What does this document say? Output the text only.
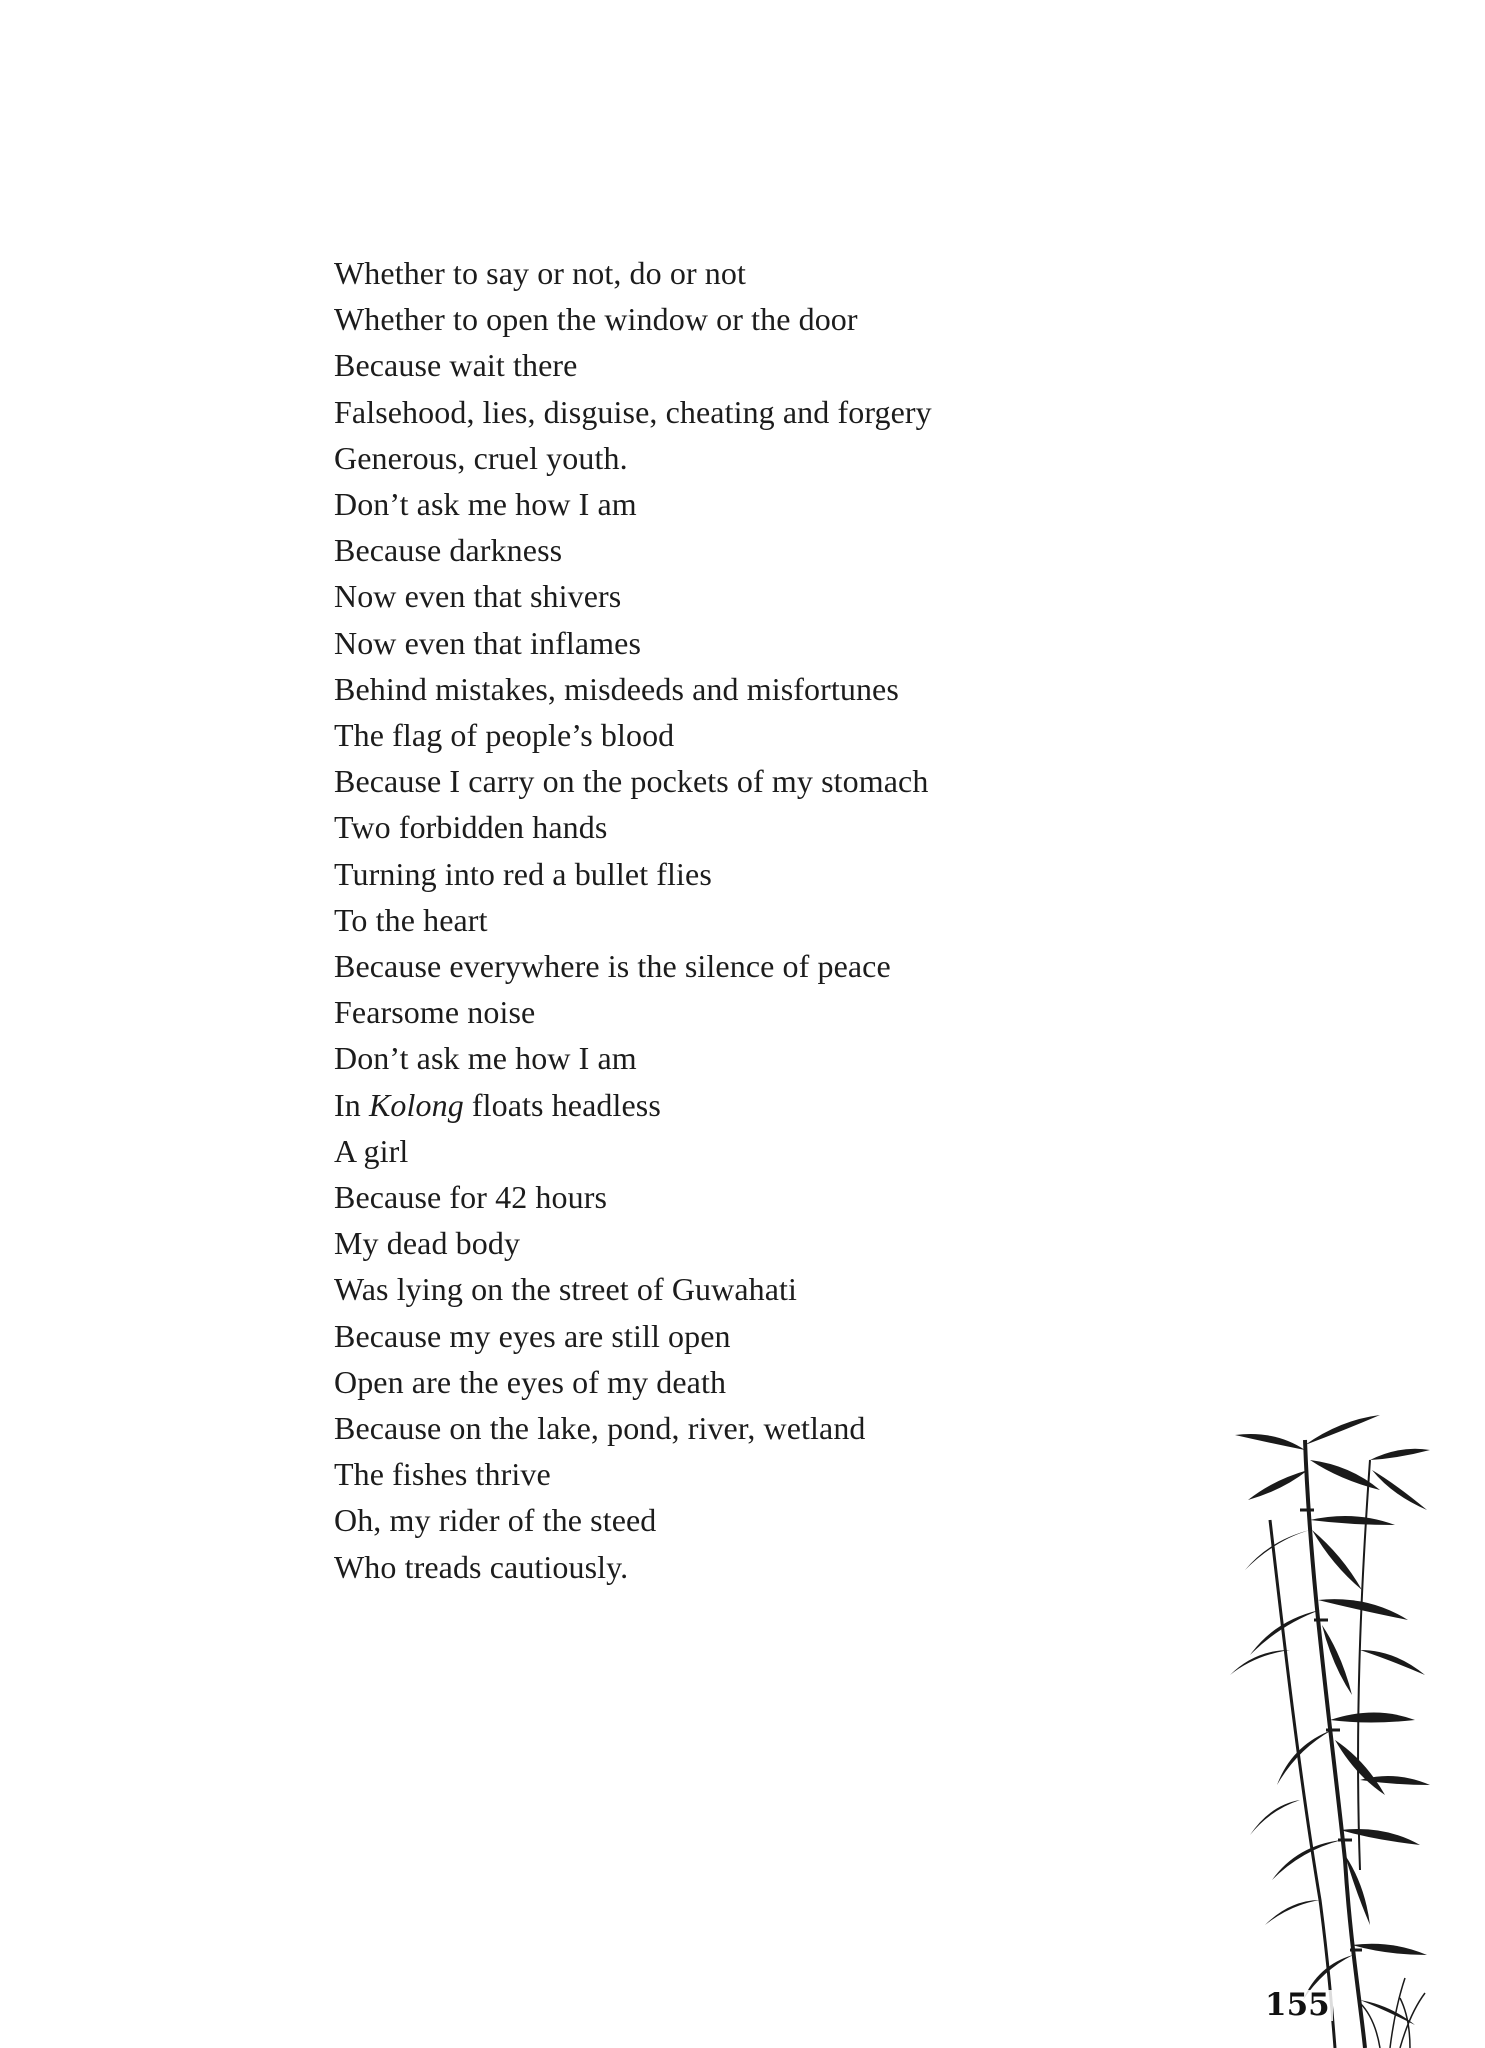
Whether to say or not, do or not
Whether to open the window or the door
Because wait there
Falsehood, lies, disguise, cheating and forgery
Generous, cruel youth.
Don’t ask me how I am
Because darkness
Now even that shivers
Now even that inflames
Behind mistakes, misdeeds and misfortunes
The flag of people’s blood
Because I carry on the pockets of my stomach
Two forbidden hands
Turning into red a bullet flies
To the heart
Because everywhere is the silence of peace
Fearsome noise
Don’t ask me how I am
In Kolong floats headless
A girl
Because for 42 hours
My dead body
Was lying on the street of Guwahati
Because my eyes are still open
Open are the eyes of my death
Because on the lake, pond, river, wetland
The fishes thrive
Oh, my rider of the steed
Who treads cautiously.
155
